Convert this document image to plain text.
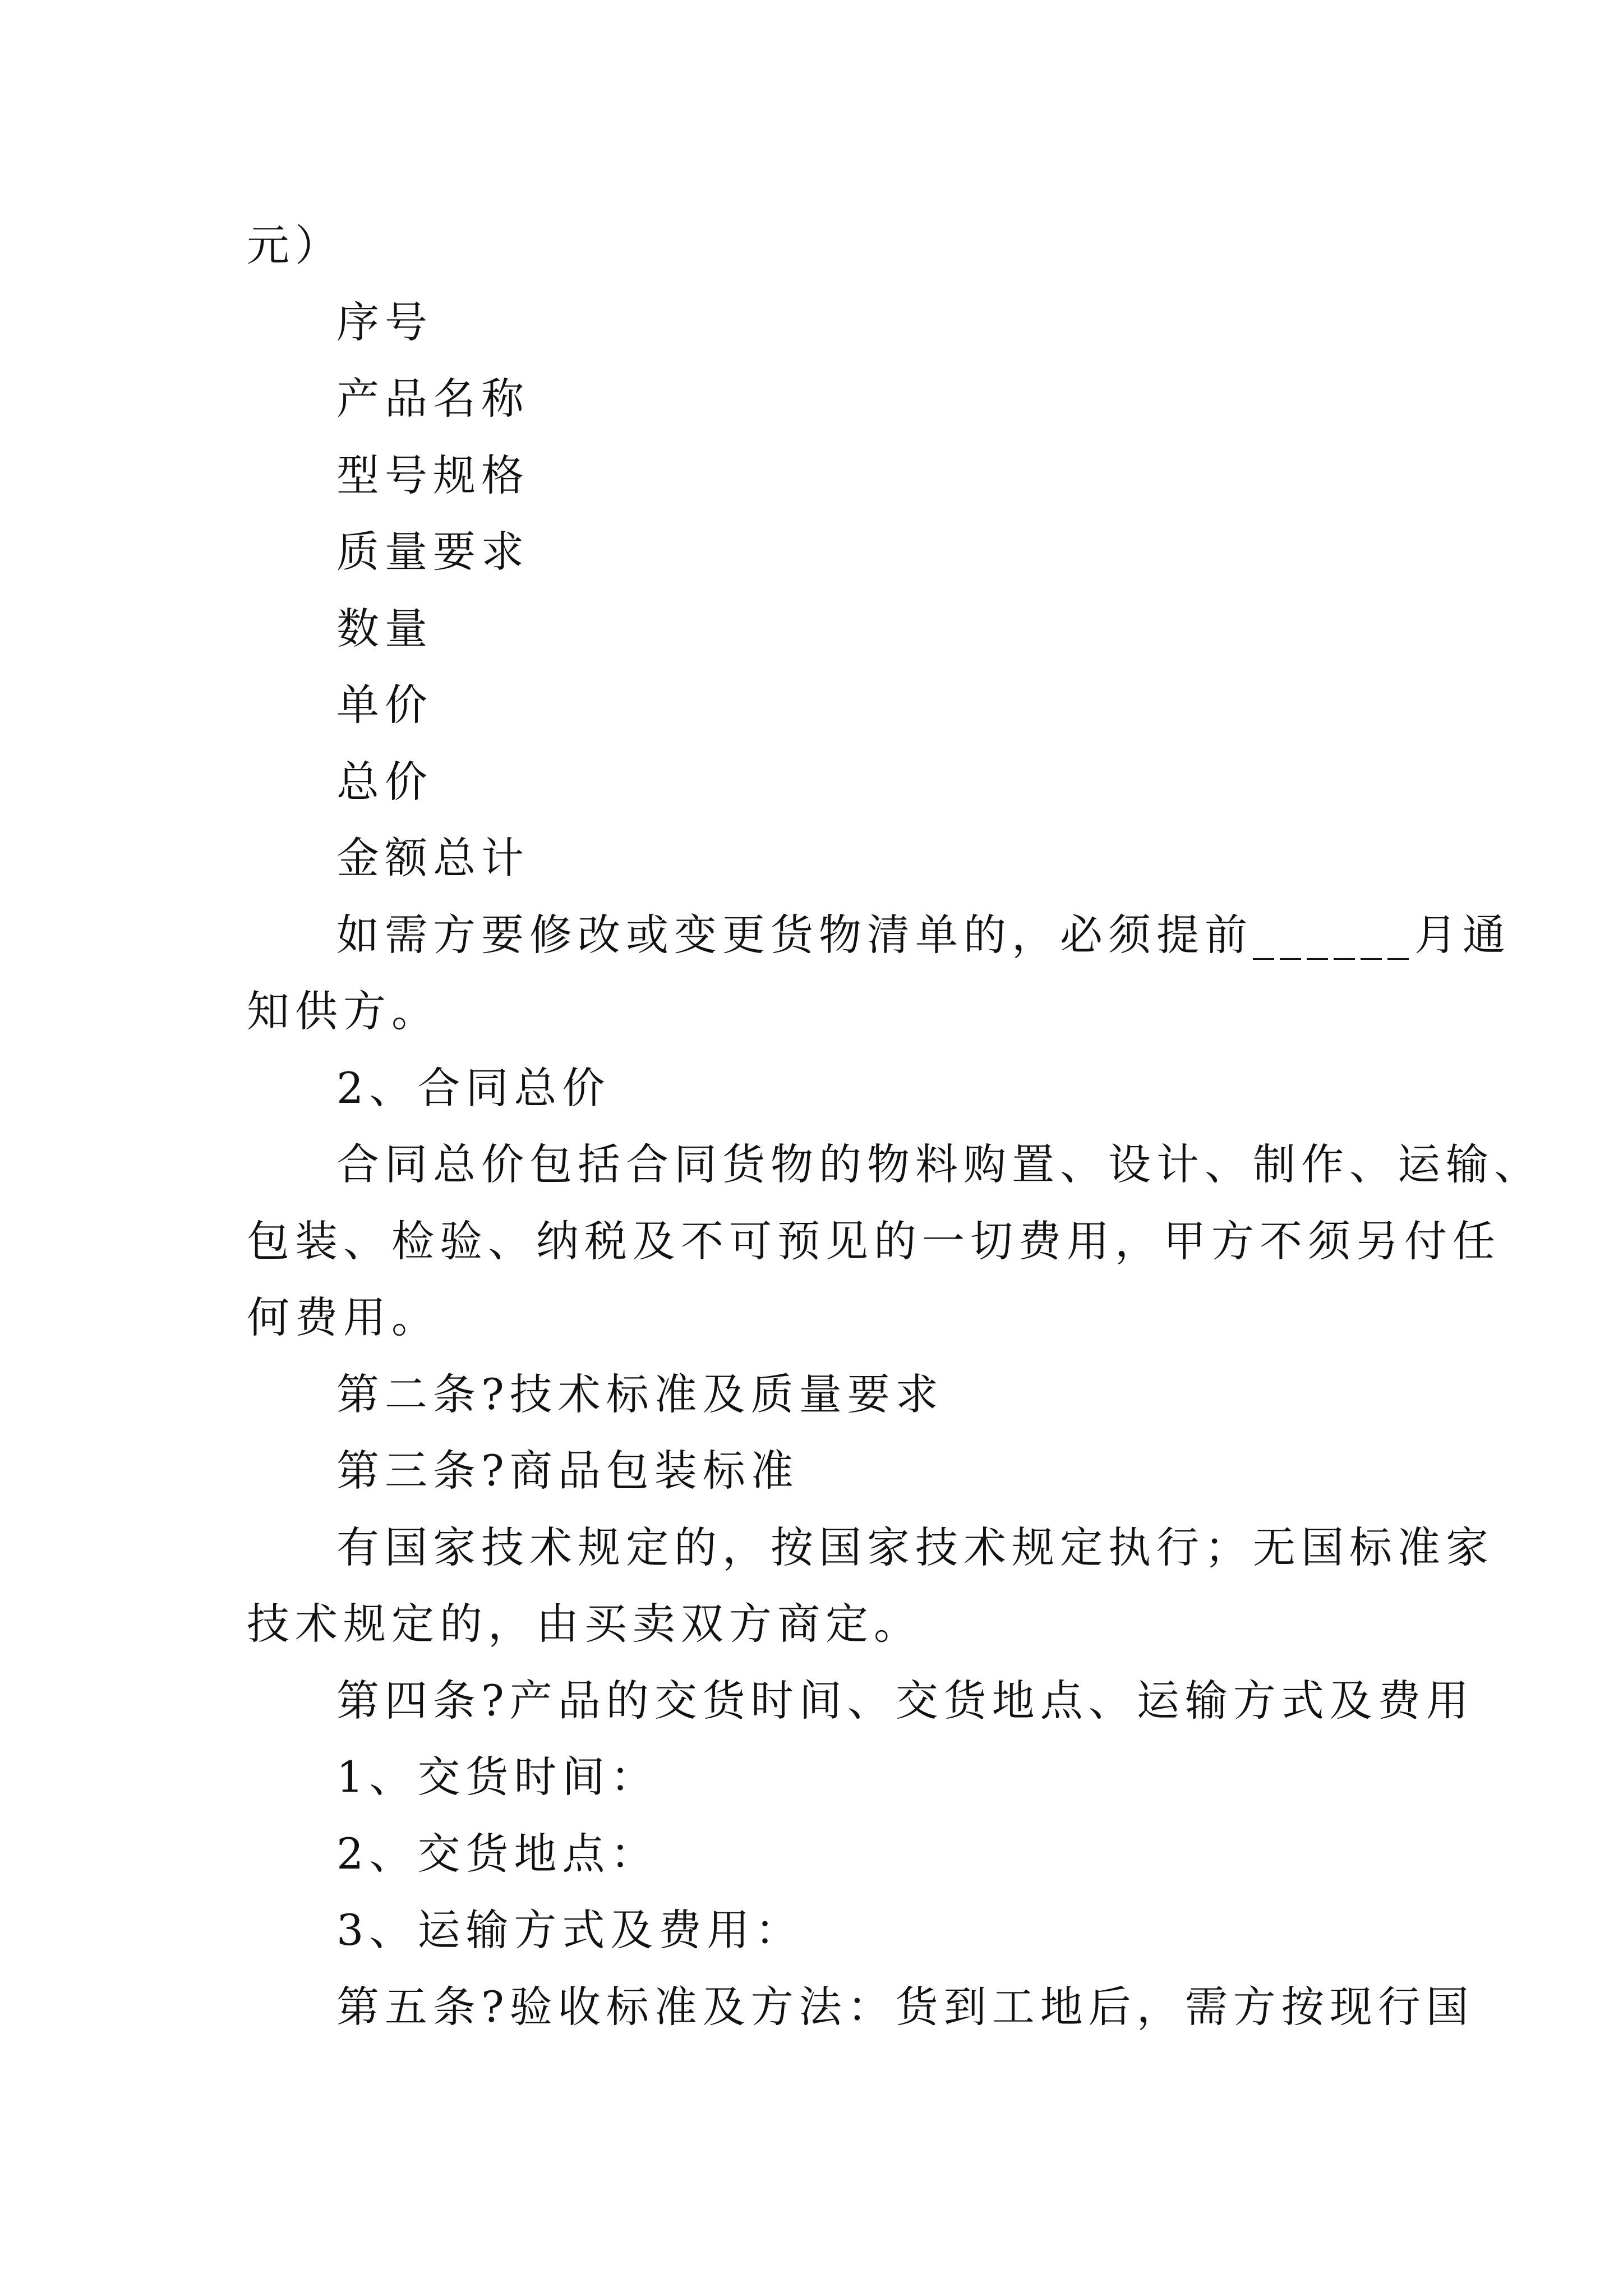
元）
序号
产品名称
型号规格
质量要求
数量
单价
总价
金额总计
如需方要修改或变更货物清单的，必须提前______月通
知供方。
2、合同总价
合同总价包括合同货物的物料购置、设计、制作、运输、
包装、检验、纳税及不可预见的一切费用，甲方不须另付任
何费用。
第二条?技术标准及质量要求
第三条?商品包装标准
有国家技术规定的，按国家技术规定执行；无国标准家
技术规定的，由买卖双方商定。
第四条?产品的交货时间、交货地点、运输方式及费用
1、交货时间：
2、交货地点：
3、运输方式及费用：
第五条?验收标准及方法：货到工地后，需方按现行国
